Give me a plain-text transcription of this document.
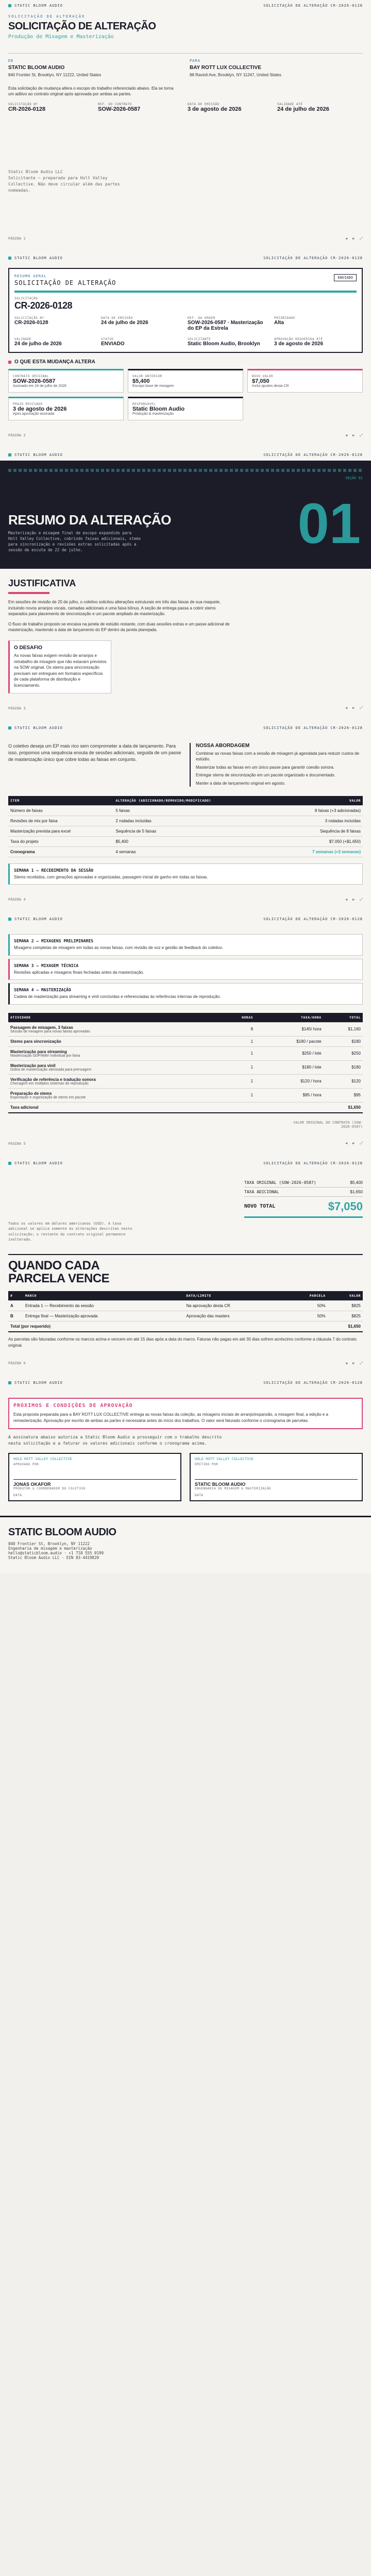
STATIC BLOOM AUDIO	SOLICITAÇÃO DE ALTERAÇÃO CR-2026-0128
SOLICITAÇÃO DE ALTERAÇÃO
SOLICITAÇÃO DE ALTERAÇÃO
Produção de Mixagem e Masterização
DE
STATIC BLOOM AUDIO
840 Frontier St, Brooklyn, NY 11222, United States
PARA
BAY ROTT LUX COLLECTIVE
88 Ravioli Ave, Brooklyn, NY 11247, United States
Esta solicitação de mudança altera o escopo do trabalho referenciado abaixo. Ela se torna um aditivo ao contrato original após aprovada por ambas as partes.
SOLICITAÇÃO Nº
CR-2026-0128
REF. DO CONTRATO
SOW-2026-0587
DATA DE EMISSÃO
3 de agosto de 2026
VALIDADE ATÉ
24 de julho de 2026
Static Bloom Audio LLC
Solicitante — preparado para Holt Valley Collective. Não deve circular além das partes nomeadas.
PÁGINA 1	◀ ▶ ⤢
STATIC BLOOM AUDIO	SOLICITAÇÃO DE ALTERAÇÃO CR-2026-0128
RESUMO GERAL
SOLICITAÇÃO DE ALTERAÇÃO
ENVIADO
SOLICITAÇÃO
CR-2026-0128
SOLICITAÇÃO Nº
CR-2026-0128
DATA DE EMISSÃO
24 de julho de 2026
REF. DA ORDEM
SOW-2026-0587 · Masterização do EP da Estrela
PRIORIDADE
Alta
VALIDADE
24 de julho de 2026
STATUS
ENVIADO
SOLICITANTE
Static Bloom Audio, Brooklyn
APROVAÇÃO REQUERIDA ATÉ
3 de agosto de 2026
O QUE ESTA MUDANÇA ALTERA
CONTRATO ORIGINAL
SOW-2026-0587
Assinado em 24 de julho de 2026
VALOR ANTERIOR
$5,400
Escopo base de mixagem
NOVO VALOR
$7,050
Inclui ajustes desta CR
PRAZO REVISADO
3 de agosto de 2026
Após aprovação assinada
RESPONSÁVEL
Static Bloom Audio
Produção & masterização
PÁGINA 2	◀ ▶ ⤢
STATIC BLOOM AUDIO	SOLICITAÇÃO DE ALTERAÇÃO CR-2026-0128
SEÇÃO 01
RESUMO DA ALTERAÇÃO
Masterização e mixagem final de escopo expandido para Holt Valley Collective, cobrindo faixas adicionais, stems para sincronização e revisões extras solicitadas após a sessão de escuta de 22 de julho.	01
JUSTIFICATIVA
Em sessões de revisão de 20 de julho, o coletivo solicitou alterações estruturais em três das faixas de sua maquete, incluindo novos arranjos vocais, camadas adicionais e uma faixa bônus. A seção de entrega passa a cobrir stems separados para placements de sincronização e um pacote ampliado de masterização.
O fluxo de trabalho proposto se encaixa na janela de estúdio restante, com duas sessões extras e um passe adicional de masterização, mantendo a data de lançamento do EP dentro da janela planejada.
O DESAFIO
As novas faixas exigem revisão de arranjos e retrabalho de mixagem que não estavam previstos na SOW original. Os stems para sincronização precisam ser entregues em formatos específicos de cada plataforma de distribuição e licenciamento.
PÁGINA 3	◀ ▶ ⤢
STATIC BLOOM AUDIO	SOLICITAÇÃO DE ALTERAÇÃO CR-2026-0128
O coletivo deseja um EP mais rico sem comprometer a data de lançamento. Para isso, propomos uma sequência enxuta de sessões adicionais, seguida de um passe de masterização único que cobre todas as faixas em conjunto.
NOSSA ABORDAGEM
Combinar as novas faixas com a sessão de mixagem já agendada para reduzir custos de estúdio.
Masterizar todas as faixas em um único passe para garantir coesão sonora.
Entregar stems de sincronização em um pacote organizado e documentado.
Manter a data de lançamento original em agosto.
ITEM	ALTERAÇÃO (ADICIONADO/REMOVIDO/MODIFICADO)	VALOR
Número de faixas	5 faixas	8 faixas (+3 adicionadas)
Revisões de mix por faixa	2 rodadas incluídas	3 rodadas incluídas
Masterização prevista para excel	Sequência de 5 faixas	Sequência de 8 faixas
Taxa do projeto	$5,400	$7,050 (+$1,650)
Cronograma	4 semanas	7 semanas (+3 semanas)
SEMANA 1 — RECEBIMENTO DA SESSÃO
Stems recebidos, com gerações aprovadas e organizadas, passagem inicial de ganho em todas as faixas.
PÁGINA 4	◀ ▶ ⤢
STATIC BLOOM AUDIO	SOLICITAÇÃO DE ALTERAÇÃO CR-2026-0128
SEMANA 2 — MIXAGENS PRELIMINARES
Mixagens completas de mixagem em todas as novas faixas, com revisão de voz e gestão de feedback do coletivo.
SEMANA 3 — MIXAGEM TÉCNICA
Revisões aplicadas e mixagens finais fechadas antes da masterização.
SEMANA 4 — MASTERIZAÇÃO
Cadeia de masterização para streaming e vinil concluídas e referenciadas às referências internas de reprodução.
ATIVIDADE	HORAS	TAXA/HORA	TOTAL

Passagem de mixagem, 3 faixas
Sessão de mixagem para novas faixas aprovadas	8	$145/ hora	$1,160

Stems para sincronização	1	$180 / pacote	$180

Masterização para streaming
Masterização DDP/WAV individual por faixa	1	$250 / lote	$250

Masterização para vinil
Dobra de masterização otimizada para prensagem	1	$180 / lote	$180

Verificação de referência e tradução sonora
Checagem em múltiplos sistemas de reprodução	1	$120 / hora	$120

Preparação de stems
Exportação e organização de stems em pacote	1	$95 / hora	$95
Taxa adicional			$1,650
VALOR ORIGINAL DO CONTRATO (SOW-2026-0587)
PÁGINA 5	◀ ▶ ⤢
STATIC BLOOM AUDIO	SOLICITAÇÃO DE ALTERAÇÃO CR-2026-0128
TAXA ORIGINAL (SOW-2026-0587)	$5,400
TAXA ADICIONAL	$1,650
NOVO TOTAL	$7,050
Todos os valores em dólares americanos (USD). A taxa adicional se aplica somente às alterações descritas nesta solicitação; o restante do contrato original permanece inalterado.
QUANDO CADA PARCELA VENCE
#	MARCO	DATA/LIMITE	PARCELA	VALOR
A	Entrada 1 — Recebimento da sessão	Na aprovação desta CR	50%	$825
B	Entrega final — Masterização aprovada	Aprovação das masters	50%	$825
Total (por requerido)				$1,650
As parcelas são faturadas conforme os marcos acima e vencem em até 15 dias após a data do marco. Faturas não pagas em até 30 dias sofrem acréscimo conforme a cláusula 7 do contrato original.
PÁGINA 6	◀ ▶ ⤢
STATIC BLOOM AUDIO	SOLICITAÇÃO DE ALTERAÇÃO CR-2026-0128
PRÓXIMOS E CONDIÇÕES DE APROVAÇÃO
Esta proposta preparada para a BAY ROTT LUX COLLECTIVE entrega as novas faixas da coleção, as mixagens iniciais de arranjo/expansão, a mixagem final, a edição e a remasterização. Aprovação por escrito de ambas as partes é necessária antes do início dos trabalhos. O valor será faturado conforme o cronograma de parcelas.
A assinatura abaixo autoriza a Static Bloom Audio a prosseguir com o trabalho descrito nesta solicitação e a faturar os valores adicionais conforme o cronograma acima.
HOLD ROTT VALLEY COLLECTIVE
APROVADO POR
JONAS OKAFOR
PRODUTOR & COORDENADOR DO COLETIVO
DATA
HOLD ROTT VALLEY COLLECTIVE
EMITIDO POR
STATIC BLOOM AUDIO
ENGENHARIA DE MIXAGEM & MASTERIZAÇÃO
DATA
STATIC BLOOM AUDIO
840 Frontier St, Brooklyn, NY 11222
Engenharia de mixagem e masterização
hello@staticbloom.audio · +1 718 555 0199
Static Bloom Audio LLC · EIN 83-4419820
